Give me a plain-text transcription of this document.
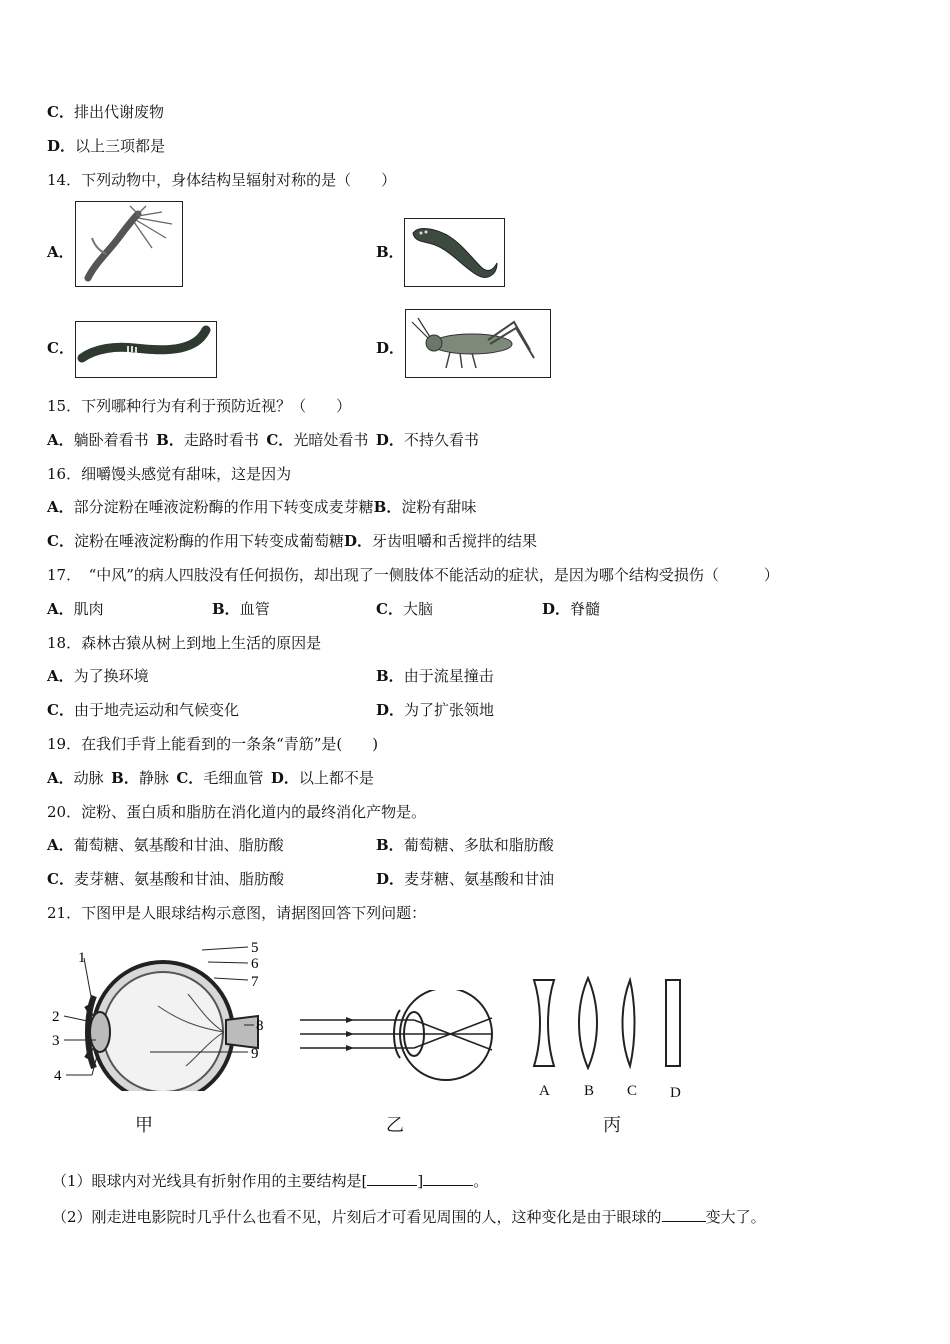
C．排出代谢废物
D．以上三项都是
14．下列动物中，身体结构呈辐射对称的是（　　）
A．	B．
C．	D．
15．下列哪种行为有利于预防近视？（　　）
A．躺卧着看书  B．走路时看书  C．光暗处看书  D．不持久看书
16．细嚼馒头感觉有甜味，这是因为
A．部分淀粉在唾液淀粉酶的作用下转变成麦芽糖B．淀粉有甜味
C．淀粉在唾液淀粉酶的作用下转变成葡萄糖D．牙齿咀嚼和舌搅拌的结果
17．　“中风”的病人四肢没有任何损伤，却出现了一侧肢体不能活动的症状，是因为哪个结构受损伤（　　　）
A．肌肉	B．血管	C．大脑	D．脊髓
18．森林古猿从树上到地上生活的原因是
A．为了换环境	B．由于流星撞击
C．由于地壳运动和气候变化	D．为了扩张领地
19．在我们手背上能看到的一条条“青筋”是(　　)
A．动脉  B．静脉  C．毛细血管  D．以上都不是
20．淀粉、蛋白质和脂肪在消化道内的最终消化产物是。
A．葡萄糖、氨基酸和甘油、脂肪酸	B．葡萄糖、多肽和脂肪酸
C．麦芽糖、氨基酸和甘油、脂肪酸	D．麦芽糖、氨基酸和甘油
21．下图甲是人眼球结构示意图，请据图回答下列问题：
1
2
3
4
5
6
7
8
9
A B C D
甲	乙	丙
（1）眼球内对光线具有折射作用的主要结构是[	]	。
（2）刚走进电影院时几乎什么也看不见，片刻后才可看见周围的人，这种变化是由于眼球的	变大了。
